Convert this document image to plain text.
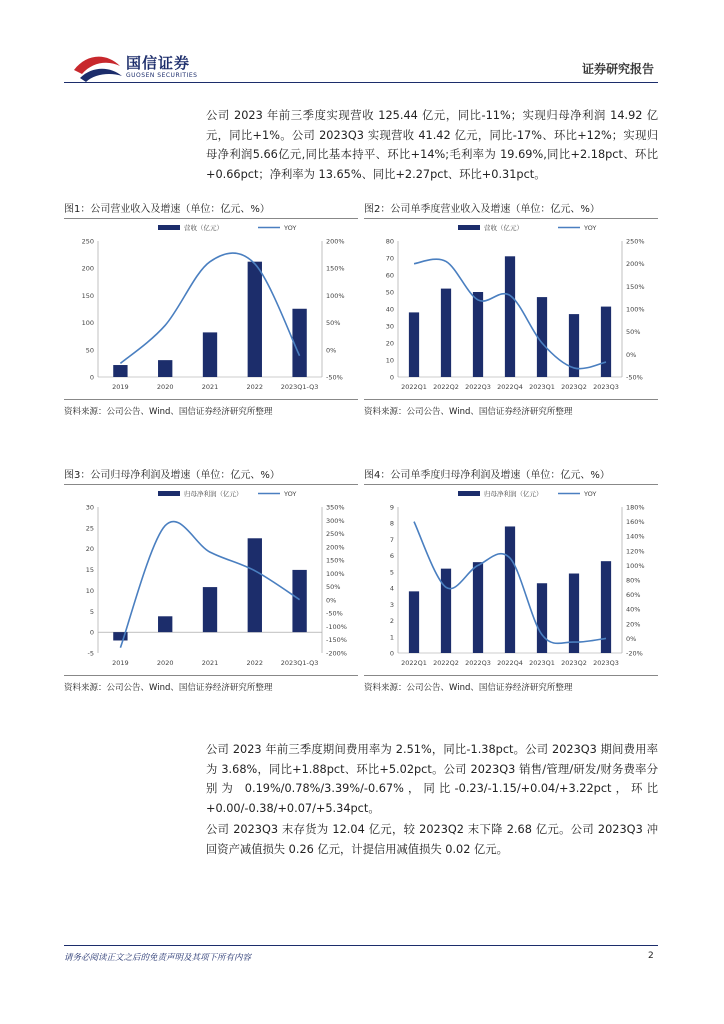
国信证券
GUOSEN SECURITIES	证券研究报告
公司 2023 年前三季度实现营收 125.44 亿元，同比-11%；实现归母净利润 14.92 亿元，同比+1%。公司 2023Q3 实现营收 41.42 亿元，同比-17%、环比+12%；实现归母净利润5.66亿元,同比基本持平、环比+14%;毛利率为 19.69%,同比+2.18pct、环比+0.66pct；净利率为 13.65%、同比+2.27pct、环比+0.31pct。
图1：公司营业收入及增速（单位：亿元、%）
250
200
150
100
50
0
200%
150%
100%
50%
0%
-50%
2019	2020	2021	2022	2023Q1-Q3
营收（亿元）	YOY
资料来源：公司公告、Wind、国信证券经济研究所整理
图2：公司单季度营业收入及增速（单位：亿元、%）
80
70
60
50
40
30
20
10
0
250%
200%
150%
100%
50%
0%
-50%
2022Q1 2022Q2 2022Q3 2022Q4 2023Q1 2023Q2 2023Q3
营收（亿元）	YOY
资料来源：公司公告、Wind、国信证券经济研究所整理
图3：公司归母净利润及增速（单位：亿元、%）
30
25
20
15
10
5
0
-5
350%
300%
250%
200%
150%
100%
50%
0%
-50%
-100%
-150%
-200%
2019	2020	2021	2022	2023Q1-Q3
归母净利润（亿元）	YOY
资料来源：公司公告、Wind、国信证券经济研究所整理
图4：公司单季度归母净利润及增速（单位：亿元、%）
9
8
7
6
5
4
3
2
1
0
180%
160%
140%
120%
100%
80%
60%
40%
20%
0%
-20%
2022Q1 2022Q2 2022Q3 2022Q4 2023Q1 2023Q2 2023Q3
归母净利润（亿元）	YOY
资料来源：公司公告、Wind、国信证券经济研究所整理
公司 2023 年前三季度期间费用率为 2.51%，同比-1.38pct。公司 2023Q3 期间费用率为 3.68%，同比+1.88pct、环比+5.02pct。公司 2023Q3 销售/管理/研发/财务费率分别为 0.19%/0.78%/3.39%/-0.67%，同比-0.23/-1.15/+0.04/+3.22pct，环比+0.00/-0.38/+0.07/+5.34pct。
公司 2023Q3 末存货为 12.04 亿元，较 2023Q2 末下降 2.68 亿元。公司 2023Q3 冲回资产减值损失 0.26 亿元，计提信用减值损失 0.02 亿元。
请务必阅读正文之后的免责声明及其项下所有内容	2
